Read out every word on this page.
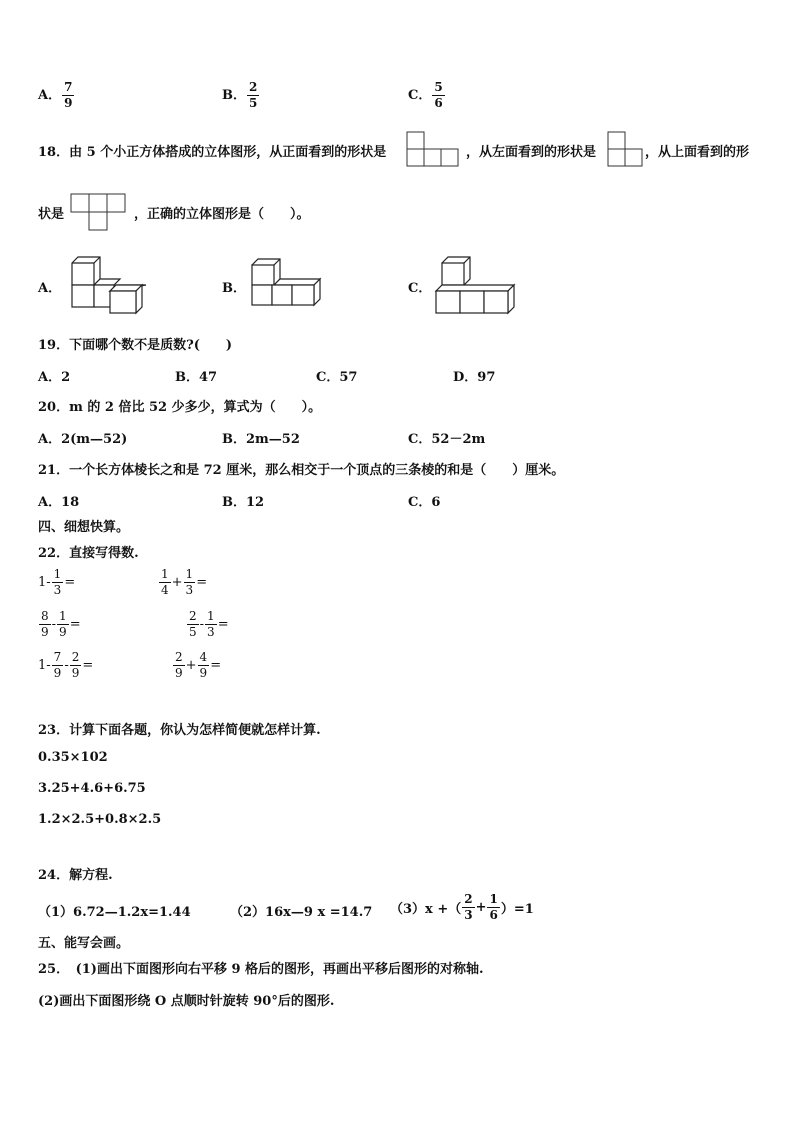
A． $\frac{7}{9}$	B． $\frac{2}{5}$	C． $\frac{5}{6}$
18．由 5 个小正方体搭成的立体图形，从正面看到的形状是	，从左面看到的形状是	，从上面看到的形
状是	，正确的立体图形是（　　）。
A．	B．	C．
19．下面哪个数不是质数?(　　)
A．2	B．47	C．57	D．97
20．m 的 2 倍比 52 少多少，算式为（　　）。
A．2(m—52)	B．2m—52	C．52－2m
21．一个长方体棱长之和是 72 厘米，那么相交于一个顶点的三条棱的和是（　　）厘米。
A．18	B．12	C．6
四、细想快算。
22．直接写得数.
$1- \frac{1}{3}$ =	$\frac{1}{4} + \frac{1}{3}$ =
$\frac{8}{9} - \frac{1}{9}$ =	$\frac{2}{5} - \frac{1}{3}$ =
$1- \frac{7}{9} - \frac{2}{9}$ =	$\frac{2}{9} + \frac{4}{9}$ =
23．计算下面各题，你认为怎样简便就怎样计算.
0.35×102
3.25+4.6+6.75
1.2×2.5+0.8×2.5
24．解方程.
（1）6.72—1.2x=1.44	（2）16x—9 x =14.7 （3）x +（ $\frac{2}{3} + \frac{1}{6} )=1$
五、能写会画。
25．　(1)画出下面图形向右平移 9 格后的图形，再画出平移后图形的对称轴.
(2)画出下面图形绕 O 点顺时针旋转 90°后的图形.
